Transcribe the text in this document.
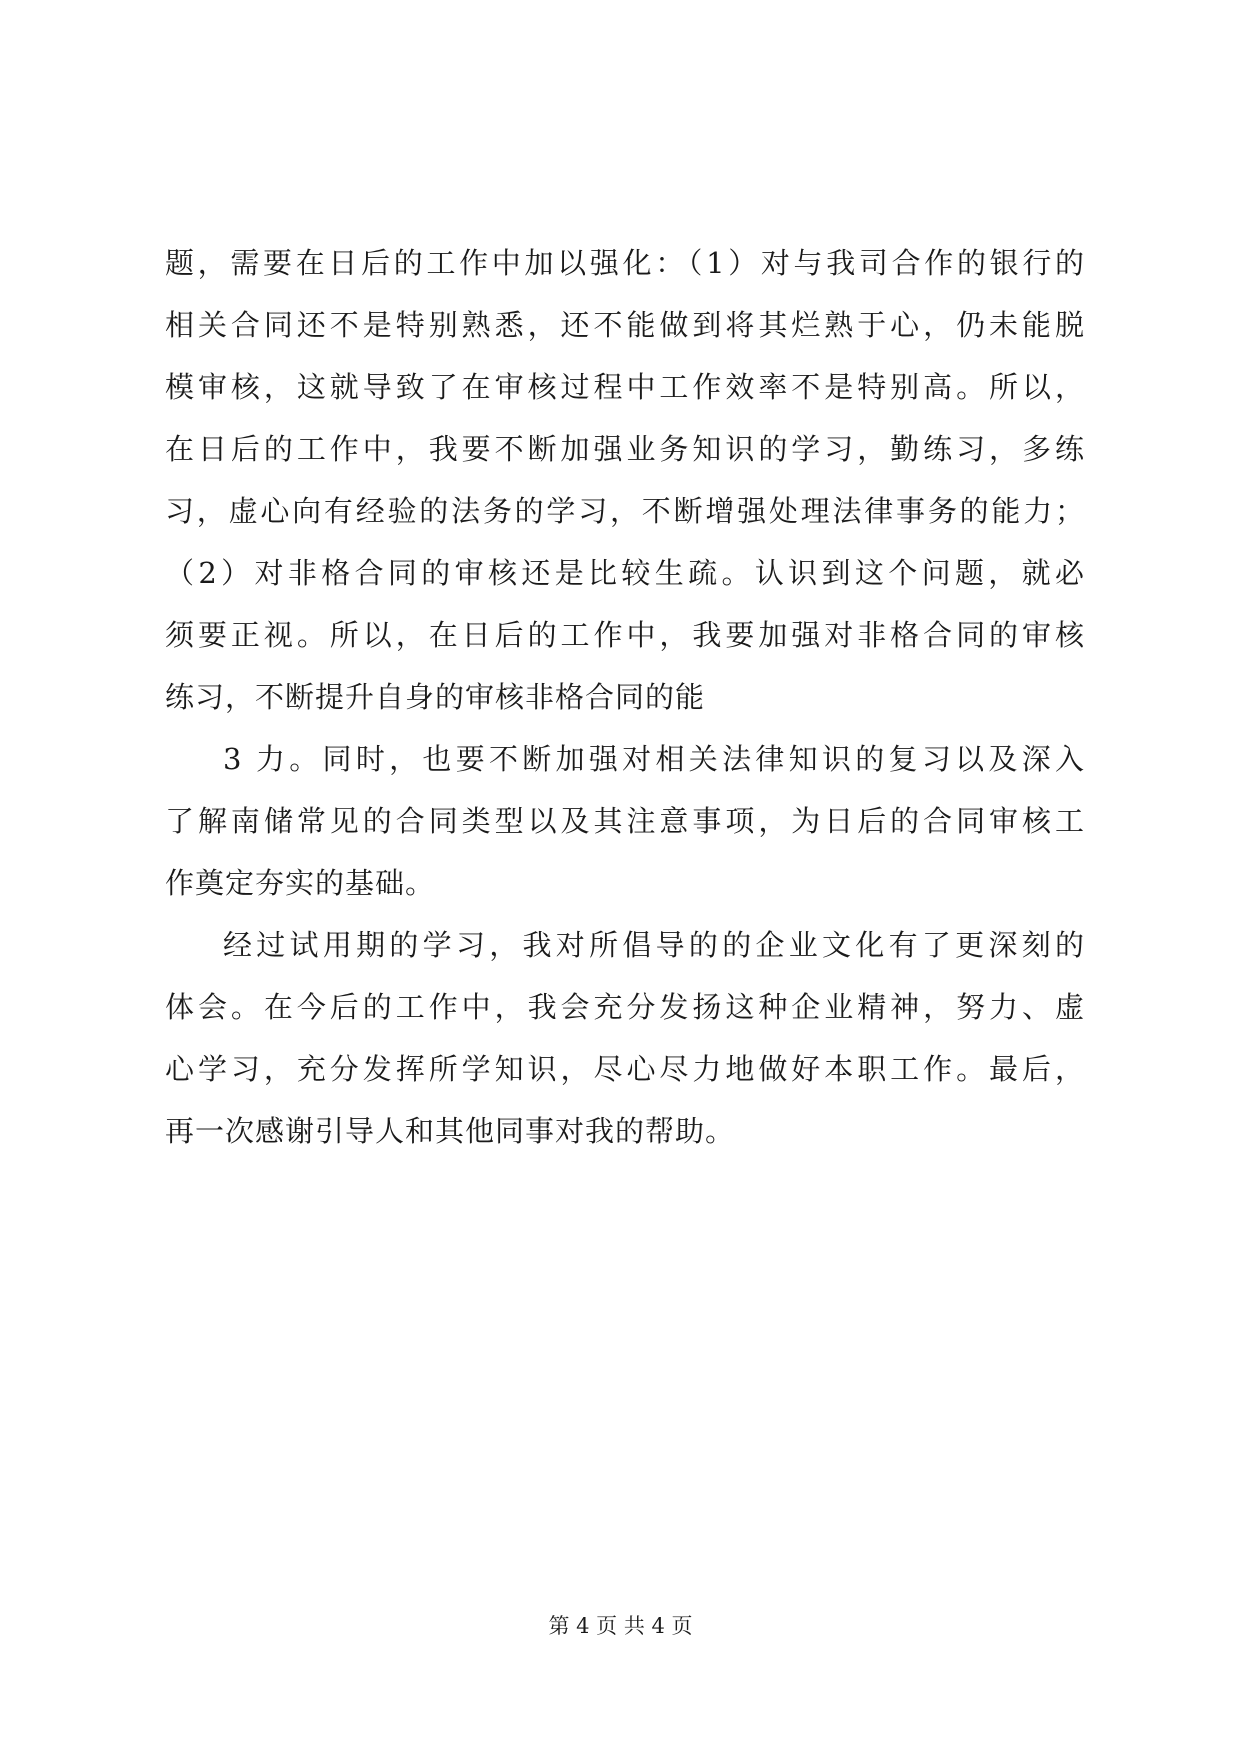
题，需要在日后的工作中加以强化：（1）对与我司合作的银行的
相关合同还不是特别熟悉，还不能做到将其烂熟于心，仍未能脱
模审核，这就导致了在审核过程中工作效率不是特别高。所以，
在日后的工作中，我要不断加强业务知识的学习，勤练习，多练
习，虚心向有经验的法务的学习，不断增强处理法律事务的能力；
（2）对非格合同的审核还是比较生疏。认识到这个问题，就必
须要正视。所以，在日后的工作中，我要加强对非格合同的审核
练习，不断提升自身的审核非格合同的能
3 力。同时，也要不断加强对相关法律知识的复习以及深入
了解南储常见的合同类型以及其注意事项，为日后的合同审核工
作奠定夯实的基础。
经过试用期的学习，我对所倡导的的企业文化有了更深刻的
体会。在今后的工作中，我会充分发扬这种企业精神，努力、虚
心学习，充分发挥所学知识，尽心尽力地做好本职工作。最后，
再一次感谢引导人和其他同事对我的帮助。
第 4 页 共 4 页
